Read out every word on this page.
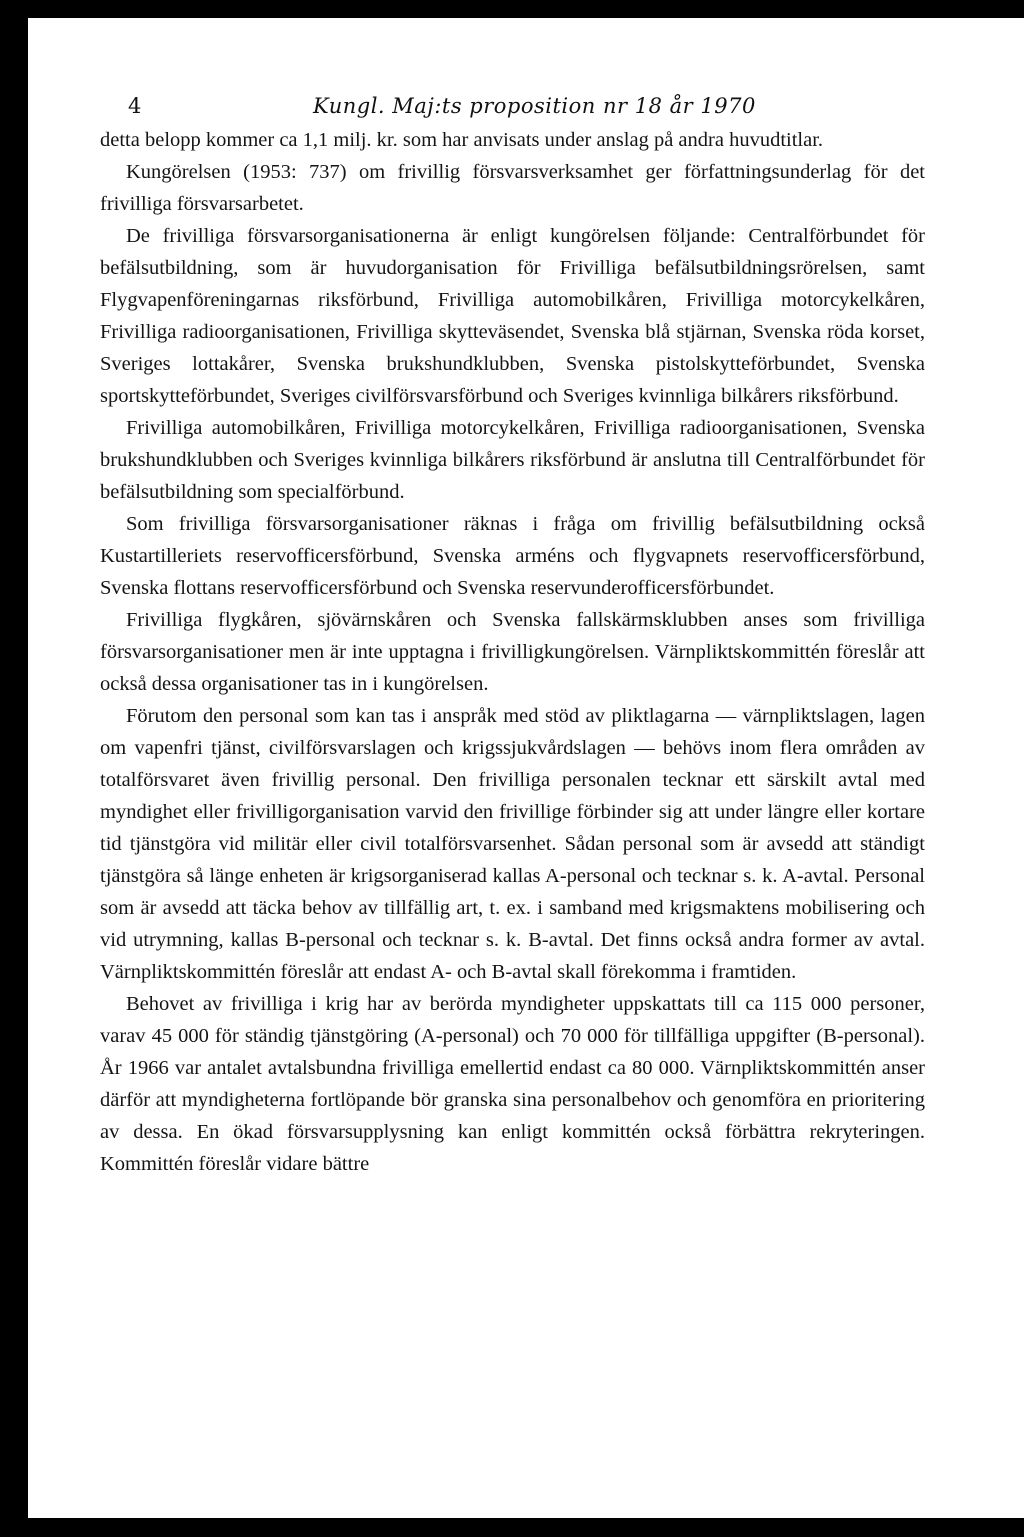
4	Kungl. Maj:ts proposition nr 18 år 1970

detta belopp kommer ca 1,1 milj. kr. som har anvisats under anslag på andra huvudtitlar.

Kungörelsen (1953: 737) om frivillig försvarsverksamhet ger författningsunderlag för det frivilliga försvarsarbetet.

De frivilliga försvarsorganisationerna är enligt kungörelsen följande: Centralförbundet för befälsutbildning, som är huvudorganisation för Frivilliga befälsutbildningsrörelsen, samt Flygvapenföreningarnas riksförbund, Frivilliga automobilkåren, Frivilliga motorcykelkåren, Frivilliga radioorganisationen, Frivilliga skytteväsendet, Svenska blå stjärnan, Svenska röda korset, Sveriges lottakårer, Svenska brukshundklubben, Svenska pistolskytteförbundet, Svenska sportskytteförbundet, Sveriges civilförsvarsförbund och Sveriges kvinnliga bilkårers riksförbund.

Frivilliga automobilkåren, Frivilliga motorcykelkåren, Frivilliga radioorganisationen, Svenska brukshundklubben och Sveriges kvinnliga bilkårers riksförbund är anslutna till Centralförbundet för befälsutbildning som specialförbund.

Som frivilliga försvarsorganisationer räknas i fråga om frivillig befälsutbildning också Kustartilleriets reservofficersförbund, Svenska arméns och flygvapnets reservofficersförbund, Svenska flottans reservofficersförbund och Svenska reservunderofficersförbundet.

Frivilliga flygkåren, sjövärnskåren och Svenska fallskärmsklubben anses som frivilliga försvarsorganisationer men är inte upptagna i frivilligkungörelsen. Värnpliktskommittén föreslår att också dessa organisationer tas in i kungörelsen.

Förutom den personal som kan tas i anspråk med stöd av pliktlagarna — värnpliktslagen, lagen om vapenfri tjänst, civilförsvarslagen och krigssjukvårdslagen — behövs inom flera områden av totalförsvaret även frivillig personal. Den frivilliga personalen tecknar ett särskilt avtal med myndighet eller frivilligorganisation varvid den frivillige förbinder sig att under längre eller kortare tid tjänstgöra vid militär eller civil totalförsvarsenhet. Sådan personal som är avsedd att ständigt tjänstgöra så länge enheten är krigsorganiserad kallas A-personal och tecknar s. k. A-avtal. Personal som är avsedd att täcka behov av tillfällig art, t. ex. i samband med krigsmaktens mobilisering och vid utrymning, kallas B-personal och tecknar s. k. B-avtal. Det finns också andra former av avtal. Värnpliktskommittén föreslår att endast A- och B-avtal skall förekomma i framtiden.

Behovet av frivilliga i krig har av berörda myndigheter uppskattats till ca 115 000 personer, varav 45 000 för ständig tjänstgöring (A-personal) och 70 000 för tillfälliga uppgifter (B-personal). År 1966 var antalet avtalsbundna frivilliga emellertid endast ca 80 000. Värnpliktskommittén anser därför att myndigheterna fortlöpande bör granska sina personalbehov och genomföra en prioritering av dessa. En ökad försvarsupplysning kan enligt kommittén också förbättra rekryteringen. Kommittén föreslår vidare bättre
